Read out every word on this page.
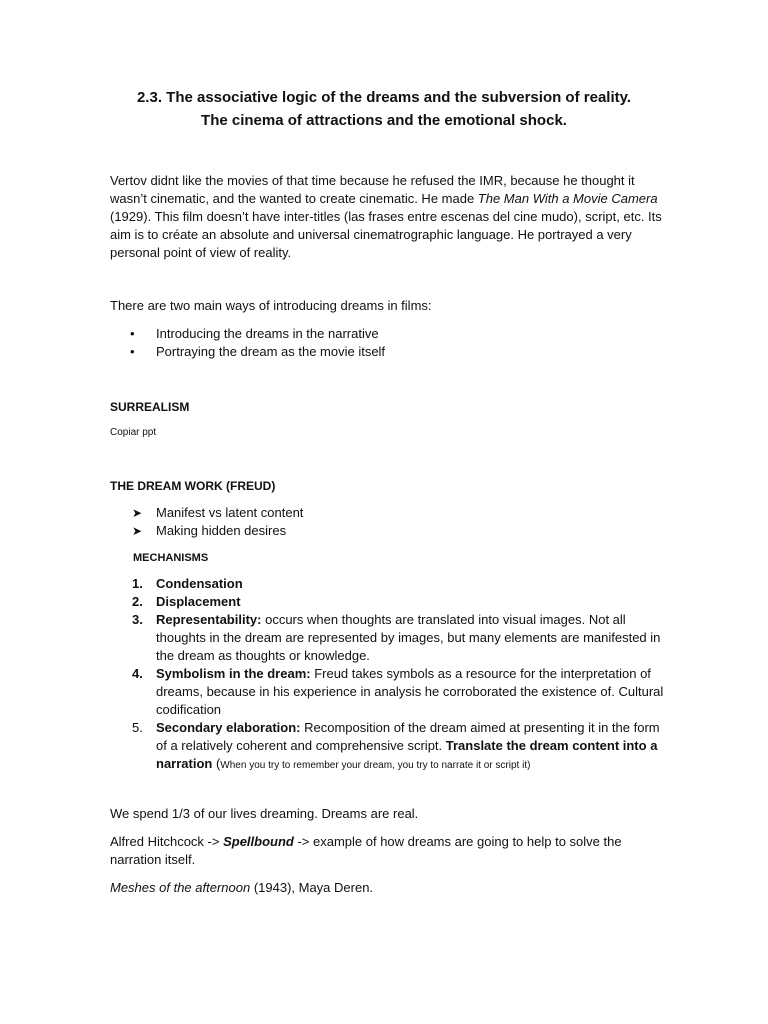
2.3. The associative logic of the dreams and the subversion of reality.
The cinema of attractions and the emotional shock.

Vertov didnt like the movies of that time because he refused the IMR, because he thought it wasn’t cinematic, and the wanted to create cinematic. He made The Man With a Movie Camera (1929). This film doesn’t have inter-titles (las frases entre escenas del cine mudo), script, etc. Its aim is to créate an absolute and universal cinematrographic language. He portrayed a very personal point of view of reality.

There are two main ways of introducing dreams in films:

• Introducing the dreams in the narrative
• Portraying the dream as the movie itself

SURREALISM

Copiar ppt

THE DREAM WORK (FREUD)

➤ Manifest vs latent content
➤ Making hidden desires

MECHANISMS

1. Condensation
2. Displacement
3. Representability: occurs when thoughts are translated into visual images. Not all thoughts in the dream are represented by images, but many elements are manifested in the dream as thoughts or knowledge.
4. Symbolism in the dream: Freud takes symbols as a resource for the interpretation of dreams, because in his experience in analysis he corroborated the existence of. Cultural codification
5. Secondary elaboration: Recomposition of the dream aimed at presenting it in the form of a relatively coherent and comprehensive script. Translate the dream content into a narration (When you try to remember your dream, you try to narrate it or script it)

We spend 1/3 of our lives dreaming. Dreams are real.

Alfred Hitchcock -> Spellbound -> example of how dreams are going to help to solve the narration itself.

Meshes of the afternoon (1943), Maya Deren.
